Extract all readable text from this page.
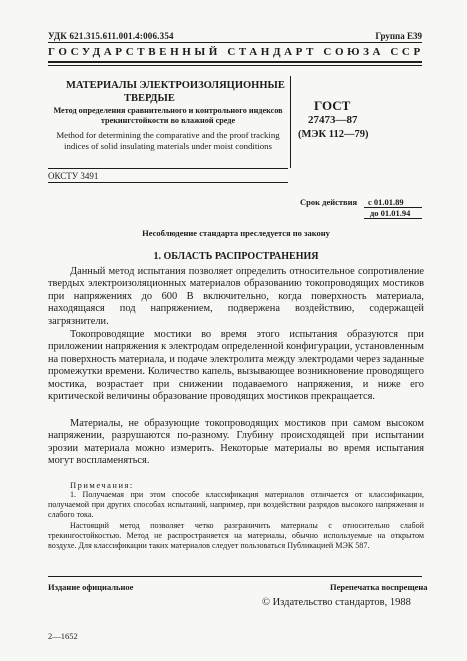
УДК 621.315.611.001.4:006.354	Группа Е39
ГОСУДАРСТВЕННЫЙ СТАНДАРТ СОЮЗА ССР
МАТЕРИАЛЫ ЭЛЕКТРОИЗОЛЯЦИОННЫЕ
ТВЕРДЫЕ
Метод определения сравнительного и контрольного индексов трекингстойкости во влажной среде
Method for determining the comparative and the proof tracking indices of solid insulating materials under moist conditions
ГОСТ
27473—87
(МЭК 112—79)
ОКСТУ 3491
Срок действия с 01.01.89
до 01.01.94
Несоблюдение стандарта преследуется по закону
1. ОБЛАСТЬ РАСПРОСТРАНЕНИЯ

Данный метод испытания позволяет определить относительное сопротивление твердых электроизоляционных материалов образованию токопроводящих мостиков при напряжениях до 600 В включительно, когда поверхность материала, находящаяся под напряжением, подвержена воздействию, содержащей загрязнители.

Токопроводящие мостики во время этого испытания образуются при приложении напряжения к электродам определенной конфигурации, установленным на поверхность материала, и подаче электролита между электродами через заданные промежутки времени. Количество капель, вызывающее возникновение проводящего мостика, возрастает при снижении подаваемого напряжения, и ниже его критической величины образование проводящих мостиков прекращается.

Материалы, не образующие токопроводящих мостиков при самом высоком напряжении, разрушаются по-разному. Глубину происходящей при испытании эрозии материала можно измерить. Некоторые материалы во время испытания могут воспламеняться.

Примечания:

1. Получаемая при этом способе классификация материалов отличается от классификации, получаемой при других способах испытаний, например, при воздействии разрядов высокого напряжения и слабого тока.

Настоящий метод позволяет четко разграничить материалы с относительно слабой трекингостойкостью. Метод не распространяется на материалы, обычно используемые на открытом воздухе. Для классификации таких материалов следует пользоваться Публикацией МЭК 587.

Издание официальное	Перепечатка воспрещена
© Издательство стандартов, 1988
2—1652
